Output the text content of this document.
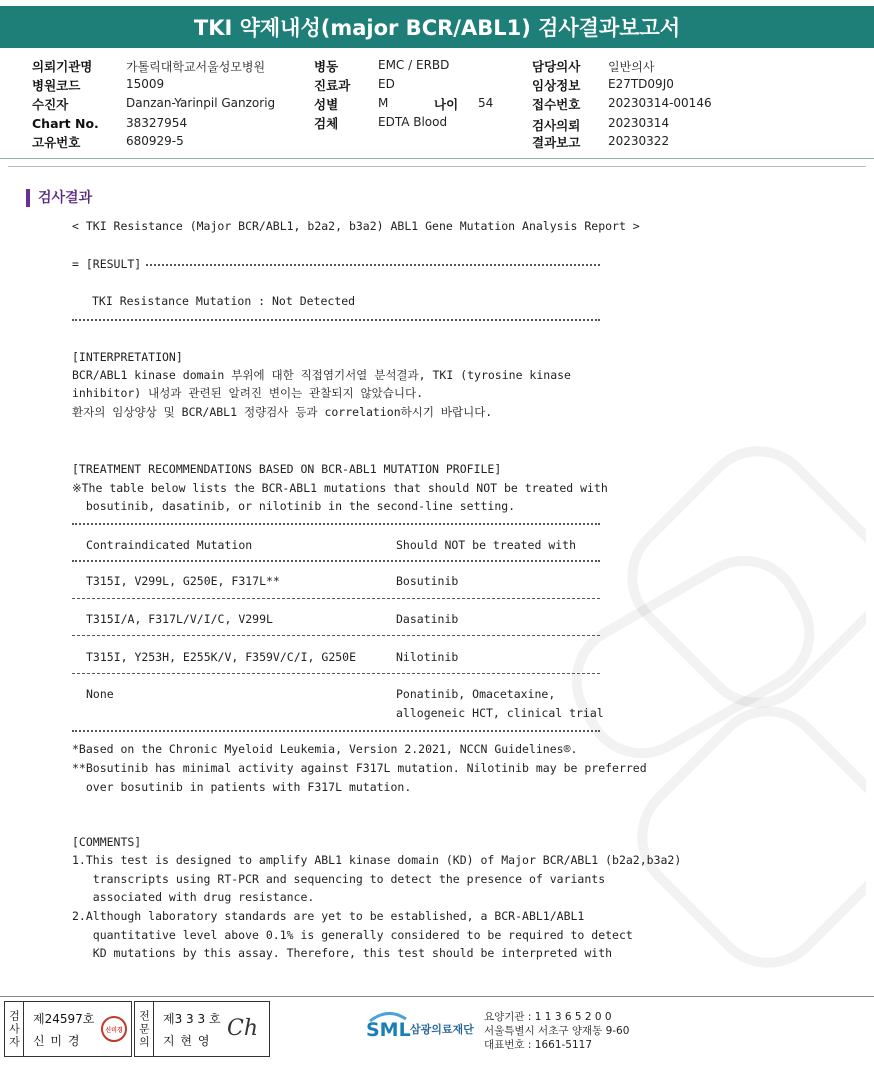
TKI 약제내성(major BCR/ABL1) 검사결과보고서
의뢰기관명	가톨릭대학교서울성모병원
병원코드	15009
수진자	Danzan-Yarinpil Ganzorig
Chart No. 38327954
고유번호	680929-5
병동	EMC / ERBD
진료과 ED
성별	M	나이 54
검체	EDTA Blood
담당의사 일반의사
임상정보 E27TD09J0
접수번호 20230314-00146
검사의뢰 20230314
결과보고 20230322
검사결과
< TKI Resistance (Major BCR/ABL1, b2a2, b3a2) ABL1 Gene Mutation Analysis Report >
= [RESULT]
TKI Resistance Mutation : Not Detected
[INTERPRETATION]
BCR/ABL1 kinase domain 부위에 대한 직접염기서열 분석결과, TKI (tyrosine kinase
inhibitor) 내성과 관련된 알려진 변이는 관찰되지 않았습니다.
환자의 임상양상 및 BCR/ABL1 정량검사 등과 correlation하시기 바랍니다.
[TREATMENT RECOMMENDATIONS BASED ON BCR-ABL1 MUTATION PROFILE]
※The table below lists the BCR-ABL1 mutations that should NOT be treated with
bosutinib, dasatinib, or nilotinib in the second-line setting.
Contraindicated Mutation	Should NOT be treated with
T315I, V299L, G250E, F317L**	Bosutinib
T315I/A, F317L/V/I/C, V299L	Dasatinib
T315I, Y253H, E255K/V, F359V/C/I, G250E	Nilotinib
None	Ponatinib, Omacetaxine,
allogeneic HCT, clinical trial
*Based on the Chronic Myeloid Leukemia, Version 2.2021, NCCN Guidelines®.
**Bosutinib has minimal activity against F317L mutation. Nilotinib may be preferred
over bosutinib in patients with F317L mutation.
[COMMENTS]
1.This test is designed to amplify ABL1 kinase domain (KD) of Major BCR/ABL1 (b2a2,b3a2)
transcripts using RT-PCR and sequencing to detect the presence of variants
associated with drug resistance.
2.Although laboratory standards are yet to be established, a BCR-ABL1/ABL1
quantitative level above 0.1% is generally considered to be required to detect
KD mutations by this assay. Therefore, this test should be interpreted with
검사자 제24597호
신 미 경
신미경 전문의 제3 3 3 호
지 현 영 Ch	SML 삼광의료재단
요양기관 : 1 1 3 6 5 2 0 0
서울특별시 서초구 양재동 9-60
대표번호 : 1661-5117
